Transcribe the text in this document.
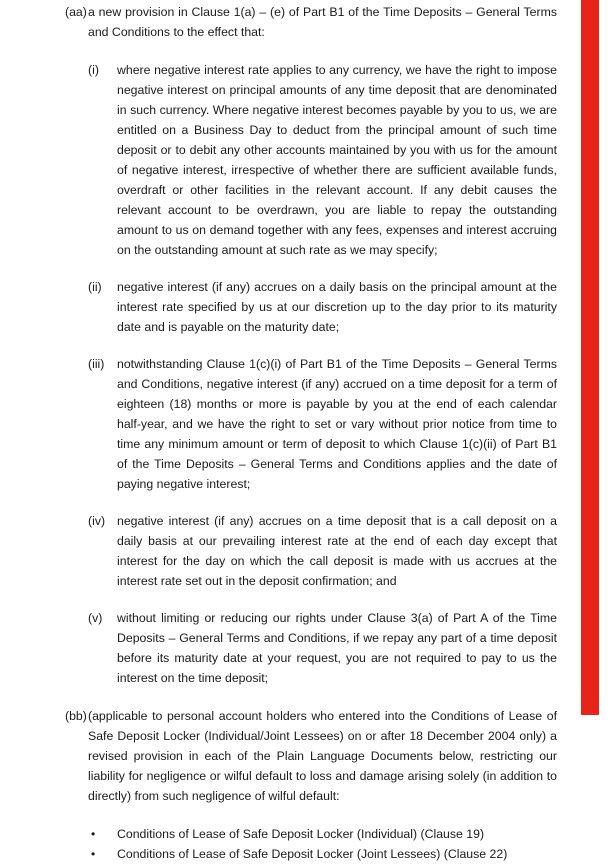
(aa) a new provision in Clause 1(a) – (e) of Part B1 of the Time Deposits – General Terms and Conditions to the effect that:
(i)	where negative interest rate applies to any currency, we have the right to impose negative interest on principal amounts of any time deposit that are denominated in such currency. Where negative interest becomes payable by you to us, we are entitled on a Business Day to deduct from the principal amount of such time deposit or to debit any other accounts maintained by you with us for the amount of negative interest, irrespective of whether there are sufficient available funds, overdraft or other facilities in the relevant account. If any debit causes the relevant account to be overdrawn, you are liable to repay the outstanding amount to us on demand together with any fees, expenses and interest accruing on the outstanding amount at such rate as we may specify;
(ii)	negative interest (if any) accrues on a daily basis on the principal amount at the interest rate specified by us at our discretion up to the day prior to its maturity date and is payable on the maturity date;
(iii)	notwithstanding Clause 1(c)(i) of Part B1 of the Time Deposits – General Terms and Conditions, negative interest (if any) accrued on a time deposit for a term of eighteen (18) months or more is payable by you at the end of each calendar half-year, and we have the right to set or vary without prior notice from time to time any minimum amount or term of deposit to which Clause 1(c)(ii) of Part B1 of the Time Deposits – General Terms and Conditions applies and the date of paying negative interest;
(iv) negative interest (if any) accrues on a time deposit that is a call deposit on a daily basis at our prevailing interest rate at the end of each day except that interest for the day on which the call deposit is made with us accrues at the interest rate set out in the deposit confirmation; and
(v)	without limiting or reducing our rights under Clause 3(a) of Part A of the Time Deposits – General Terms and Conditions, if we repay any part of a time deposit before its maturity date at your request, you are not required to pay to us the interest on the time deposit;
(bb) (applicable to personal account holders who entered into the Conditions of Lease of Safe Deposit Locker (Individual/Joint Lessees) on or after 18 December 2004 only) a revised provision in each of the Plain Language Documents below, restricting our liability for negligence or wilful default to loss and damage arising solely (in addition to directly) from such negligence of wilful default:
•	Conditions of Lease of Safe Deposit Locker (Individual) (Clause 19)
•	Conditions of Lease of Safe Deposit Locker (Joint Lessees) (Clause 22)
